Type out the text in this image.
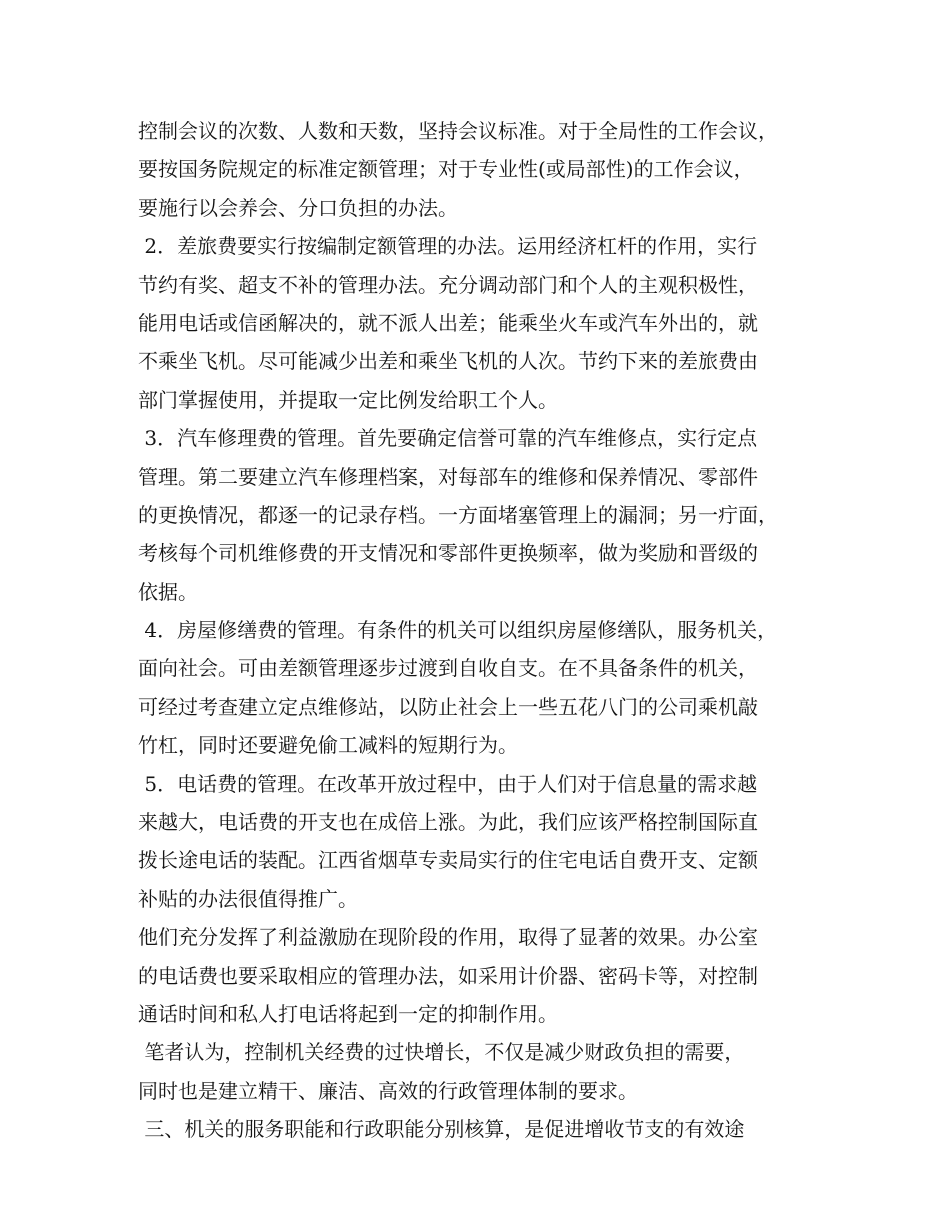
控制会议的次数、人数和天数，坚持会议标准。对于全局性的工作会议，
要按国务院规定的标准定额管理；对于专业性(或局部性)的工作会议，
要施行以会养会、分口负担的办法。
2．差旅费要实行按编制定额管理的办法。运用经济杠杆的作用，实行
节约有奖、超支不补的管理办法。充分调动部门和个人的主观积极性，
能用电话或信函解决的，就不派人出差；能乘坐火车或汽车外出的，就
不乘坐飞机。尽可能减少出差和乘坐飞机的人次。节约下来的差旅费由
部门掌握使用，并提取一定比例发给职工个人。
3．汽车修理费的管理。首先要确定信誉可靠的汽车维修点，实行定点
管理。第二要建立汽车修理档案，对每部车的维修和保养情况、零部件
的更换情况，都逐一的记录存档。一方面堵塞管理上的漏洞；另一疔面，
考核每个司机维修费的开支情况和零部件更换频率，做为奖励和晋级的
依据。
4．房屋修缮费的管理。有条件的机关可以组织房屋修缮队，服务机关，
面向社会。可由差额管理逐步过渡到自收自支。在不具备条件的机关，
可经过考查建立定点维修站，以防止社会上一些五花八门的公司乘机敲
竹杠，同时还要避免偷工减料的短期行为。
5．电话费的管理。在改革开放过程中，由于人们对于信息量的需求越
来越大，电话费的开支也在成倍上涨。为此，我们应该严格控制国际直
拨长途电话的装配。江西省烟草专卖局实行的住宅电话自费开支、定额
补贴的办法很值得推广。
他们充分发挥了利益激励在现阶段的作用，取得了显著的效果。办公室
的电话费也要采取相应的管理办法，如采用计价器、密码卡等，对控制
通话时间和私人打电话将起到一定的抑制作用。
笔者认为，控制机关经费的过快增长，不仅是减少财政负担的需要，
同时也是建立精干、廉洁、高效的行政管理体制的要求。
三、机关的服务职能和行政职能分别核算，是促进增收节支的有效途
